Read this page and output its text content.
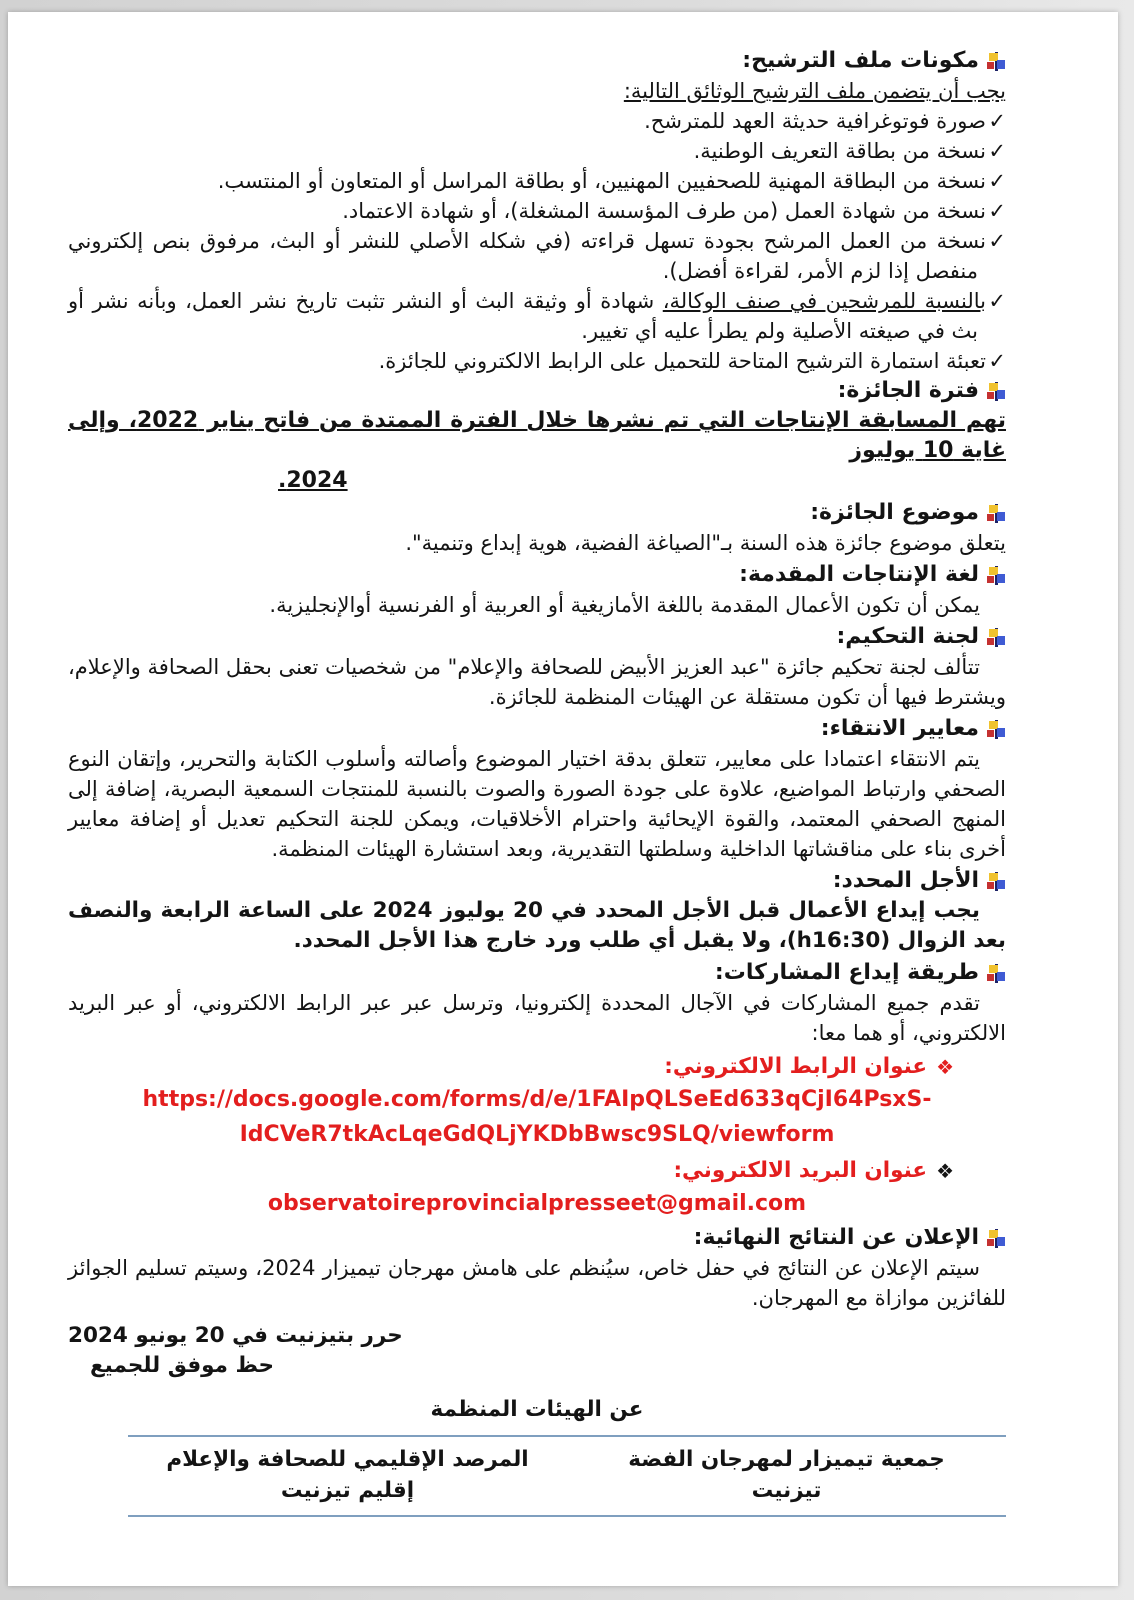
مكونات ملف الترشيح:
يجب أن يتضمن ملف الترشيح الوثائق التالية:
✓صورة فوتوغرافية حديثة العهد للمترشح.
✓نسخة من بطاقة التعريف الوطنية.
✓نسخة من البطاقة المهنية للصحفيين المهنيين، أو بطاقة المراسل أو المتعاون أو المنتسب.
✓نسخة من شهادة العمل (من طرف المؤسسة المشغلة)، أو شهادة الاعتماد.
✓نسخة من العمل المرشح بجودة تسهل قراءته (في شكله الأصلي للنشر أو البث، مرفوق بنص إلكتروني منفصل إذا لزم الأمر، لقراءة أفضل).
✓بالنسبة للمرشحين في صنف الوكالة، شهادة أو وثيقة البث أو النشر تثبت تاريخ نشر العمل، وبأنه نشر أو بث في صيغته الأصلية ولم يطرأ عليه أي تغيير.
✓تعبئة استمارة الترشيح المتاحة للتحميل على الرابط الالكتروني للجائزة.
فترة الجائزة:
تهم المسابقة الإنتاجات التي تم نشرها خلال الفترة الممتدة من فاتح يناير 2022، وإلى غاية 10 يوليوز
2024.
موضوع الجائزة:
يتعلق موضوع جائزة هذه السنة بـ"الصياغة الفضية، هوية إبداع وتنمية".
لغة الإنتاجات المقدمة:
يمكن أن تكون الأعمال المقدمة باللغة الأمازيغية أو العربية أو الفرنسية أوالإنجليزية.
لجنة التحكيم:
تتألف لجنة تحكيم جائزة "عبد العزيز الأبيض للصحافة والإعلام" من شخصيات تعنى بحقل الصحافة والإعلام، ويشترط فيها أن تكون مستقلة عن الهيئات المنظمة للجائزة.
معايير الانتقاء:
يتم الانتقاء اعتمادا على معايير، تتعلق بدقة اختيار الموضوع وأصالته وأسلوب الكتابة والتحرير، وإتقان النوع الصحفي وارتباط المواضيع، علاوة على جودة الصورة والصوت بالنسبة للمنتجات السمعية البصرية، إضافة إلى المنهج الصحفي المعتمد، والقوة الإيحائية واحترام الأخلاقيات، ويمكن للجنة التحكيم تعديل أو إضافة معايير أخرى بناء على مناقشاتها الداخلية وسلطتها التقديرية، وبعد استشارة الهيئات المنظمة.
الأجل المحدد:
يجب إيداع الأعمال قبل الأجل المحدد في 20 يوليوز 2024 على الساعة الرابعة والنصف بعد الزوال (h16:30)، ولا يقبل أي طلب ورد خارج هذا الأجل المحدد.
طريقة إيداع المشاركات:
تقدم جميع المشاركات في الآجال المحددة إلكترونيا، وترسل عبر عبر الرابط الالكتروني، أو عبر البريد الالكتروني، أو هما معا:
❖
عنوان الرابط الالكتروني:
https://docs.google.com/forms/d/e/1FAIpQLSeEd633qCjI64PsxS-
IdCVeR7tkAcLqeGdQLjYKDbBwsc9SLQ/viewform
❖
عنوان البريد الالكتروني:
observatoireprovincialpresseet@gmail.com
الإعلان عن النتائج النهائية:
سيتم الإعلان عن النتائج في حفل خاص، سيُنظم على هامش مهرجان تيميزار 2024، وسيتم تسليم الجوائز للفائزين موازاة مع المهرجان.
حرر بتيزنيت في 20 يونيو 2024
حظ موفق للجميع
عن الهيئات المنظمة
جمعية تيميزار لمهرجان الفضة
تيزنيت
المرصد الإقليمي للصحافة والإعلام
إقليم تيزنيت
